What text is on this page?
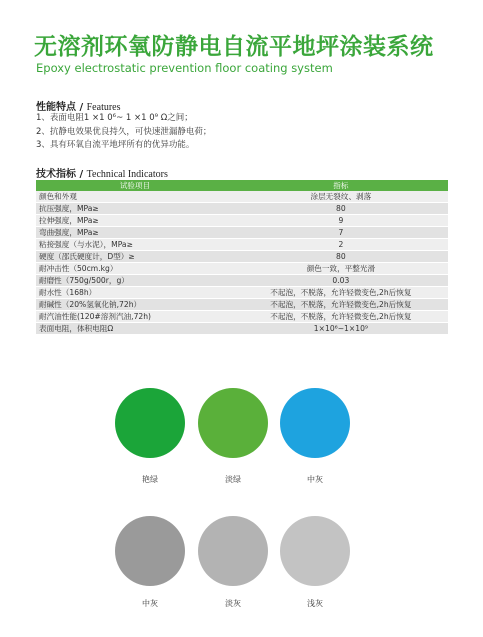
无溶剂环氧防静电自流平地坪涂装系统
Epoxy electrostatic prevention floor coating system
性能特点 / Features
1、表面电阻1 ×1 0⁶~ 1 ×1 0⁹ Ω之间；
2、抗静电效果优良持久，可快速泄漏静电荷；
3、具有环氧自流平地坪所有的优异功能。
技术指标 / Technical Indicators
试验项目	指标
颜色和外观	涂层无裂纹、剥落
抗压强度，MPa≥	80
拉伸强度，MPa≥	9
弯曲强度，MPa≥	7
粘接强度（与水泥），MPa≥	2
硬度（邵氏硬度计，D型）≥	80
耐冲击性（50cm.kg）	颜色一致，平整光滑
耐磨性（750g/500r，g）	0.03
耐水性（168h）	不起泡，不脱落，允许轻微变色,2h后恢复
耐碱性（20%氢氧化钠,72h）	不起泡，不脱落，允许轻微变色,2h后恢复
耐汽油性能(120#溶剂汽油,72h)	不起泡，不脱落，允许轻微变色,2h后恢复
表面电阻，体积电阻Ω	1×10⁶~1×10⁹
艳绿	淡绿	中灰
中灰	淡灰	浅灰
